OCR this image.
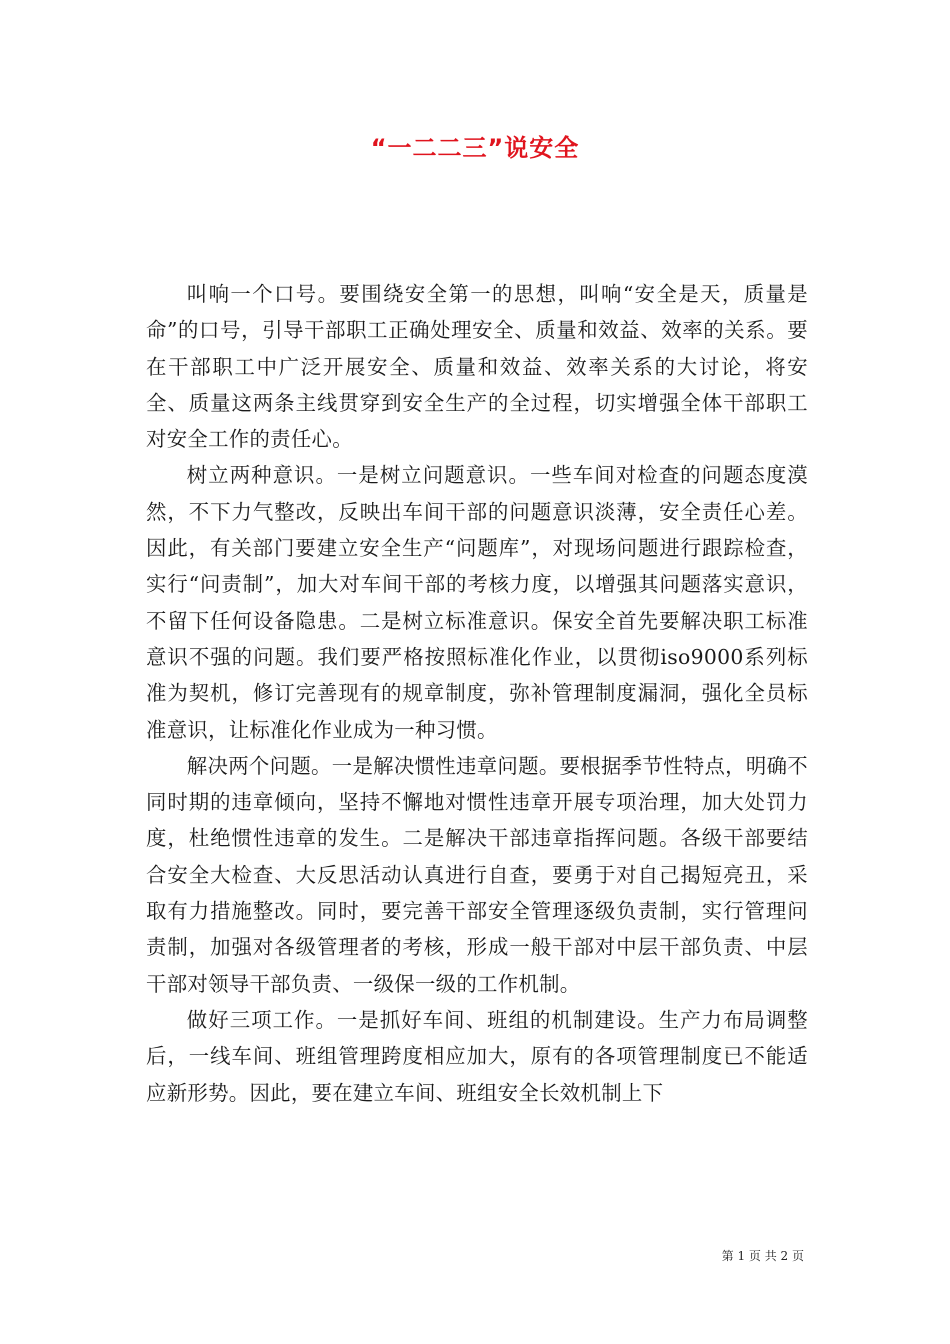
“一二二三”说安全

叫响一个口号。要围绕安全第一的思想，叫响“安全是天，质量是命”的口号，引导干部职工正确处理安全、质量和效益、效率的关系。要在干部职工中广泛开展安全、质量和效益、效率关系的大讨论，将安全、质量这两条主线贯穿到安全生产的全过程，切实增强全体干部职工对安全工作的责任心。

树立两种意识。一是树立问题意识。一些车间对检查的问题态度漠然，不下力气整改，反映出车间干部的问题意识淡薄，安全责任心差。因此，有关部门要建立安全生产“问题库”，对现场问题进行跟踪检查，实行“问责制”，加大对车间干部的考核力度，以增强其问题落实意识，不留下任何设备隐患。二是树立标准意识。保安全首先要解决职工标准意识不强的问题。我们要严格按照标准化作业，以贯彻iso9000系列标准为契机，修订完善现有的规章制度，弥补管理制度漏洞，强化全员标准意识，让标准化作业成为一种习惯。

解决两个问题。一是解决惯性违章问题。要根据季节性特点，明确不同时期的违章倾向，坚持不懈地对惯性违章开展专项治理，加大处罚力度，杜绝惯性违章的发生。二是解决干部违章指挥问题。各级干部要结合安全大检查、大反思活动认真进行自查，要勇于对自己揭短亮丑，采取有力措施整改。同时，要完善干部安全管理逐级负责制，实行管理问责制，加强对各级管理者的考核，形成一般干部对中层干部负责、中层干部对领导干部负责、一级保一级的工作机制。

做好三项工作。一是抓好车间、班组的机制建设。生产力布局调整后，一线车间、班组管理跨度相应加大，原有的各项管理制度已不能适应新形势。因此，要在建立车间、班组安全长效机制上下

第 1 页 共 2 页
